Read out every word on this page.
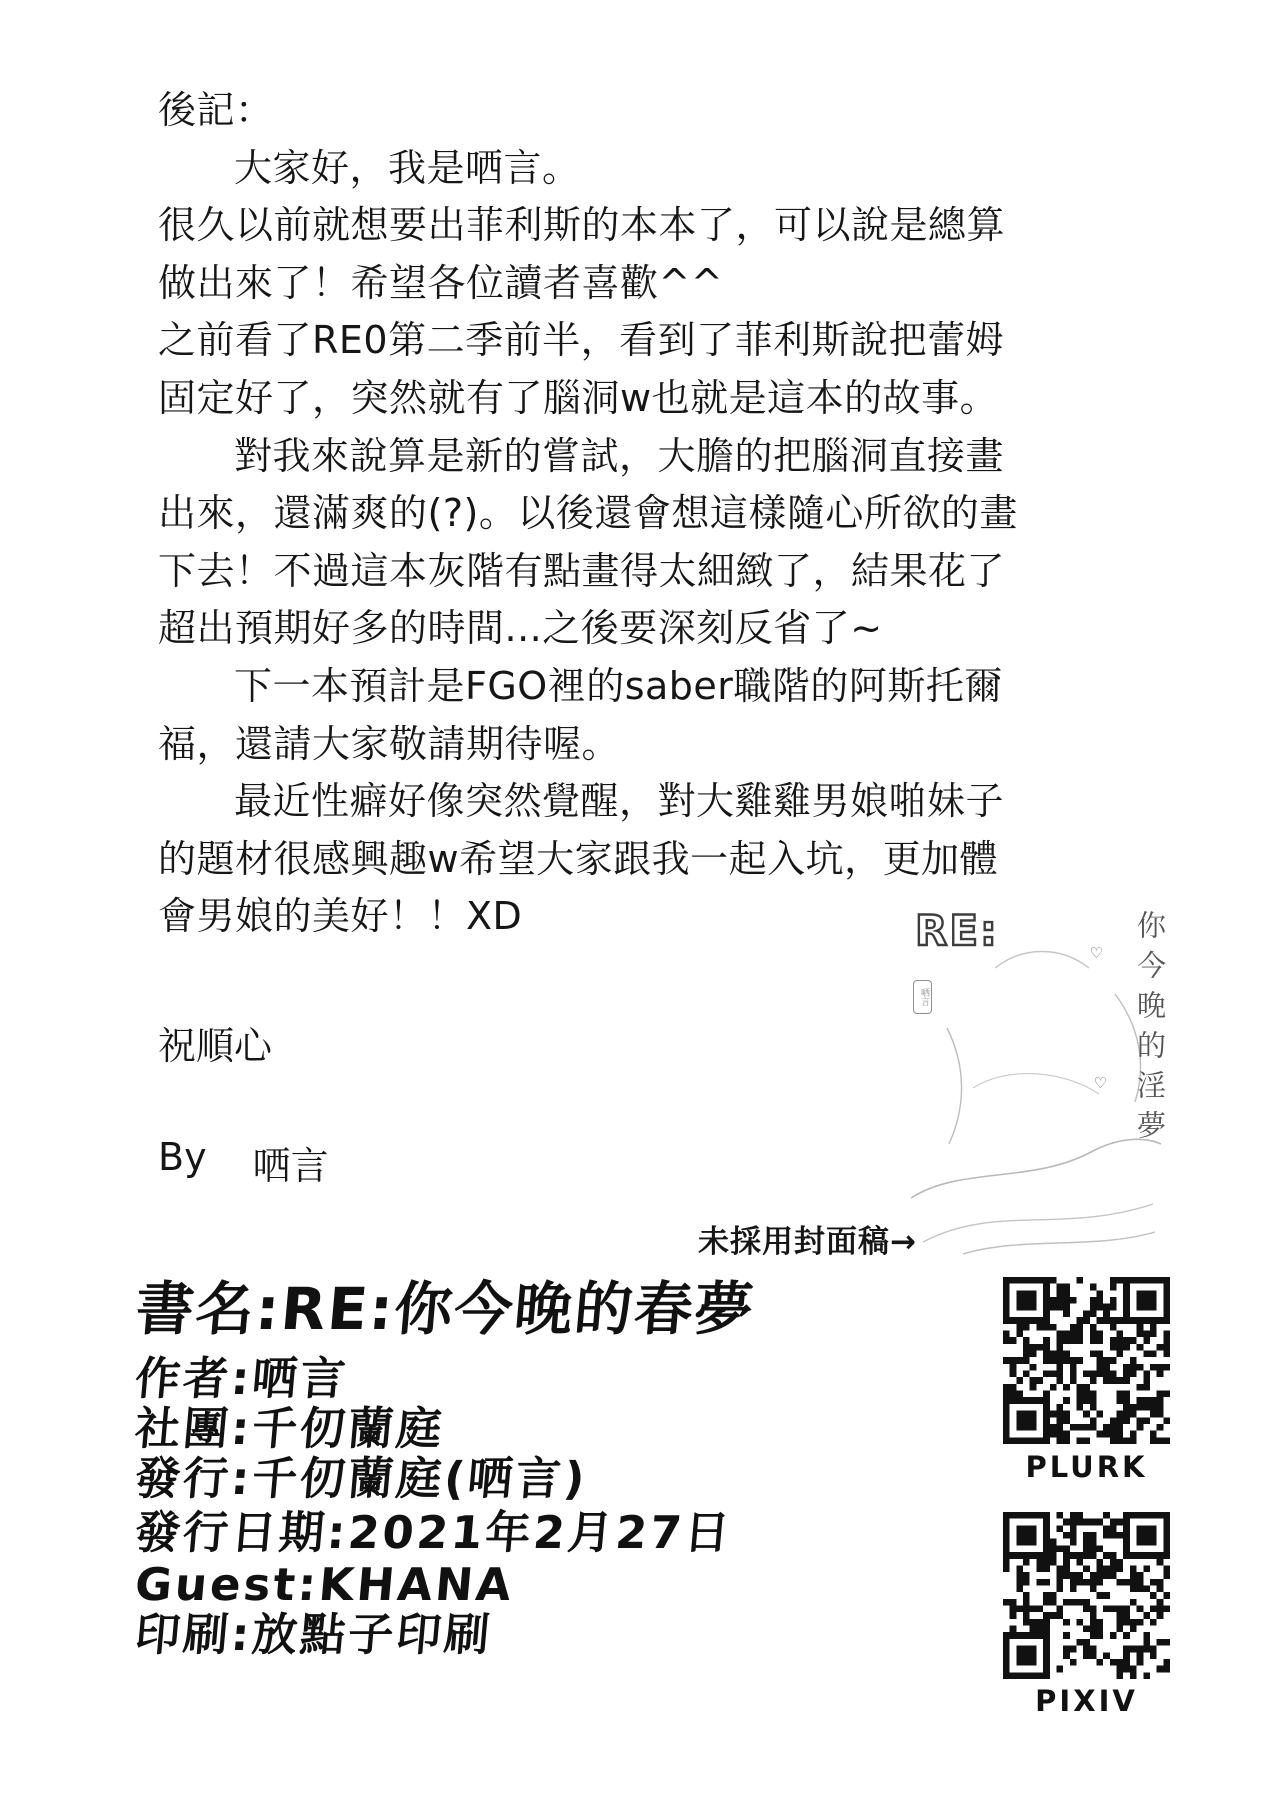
後記：
大家好，我是哂言。
很久以前就想要出菲利斯的本本了，可以說是總算
做出來了！希望各位讀者喜歡^^
之前看了RE0第二季前半，看到了菲利斯說把蕾姆
固定好了，突然就有了腦洞w也就是這本的故事。
對我來說算是新的嘗試，大膽的把腦洞直接畫
出來，還滿爽的(?)。以後還會想這樣隨心所欲的畫
下去！不過這本灰階有點畫得太細緻了，結果花了
超出預期好多的時間...之後要深刻反省了~
下一本預計是FGO裡的saber職階的阿斯托爾
福，還請大家敬請期待喔。
最近性癖好像突然覺醒，對大雞雞男娘啪妹子
的題材很感興趣w希望大家跟我一起入坑，更加體
會男娘的美好！！XD
祝順心
By 哂言
未採用封面稿→
RE:	你今晚的淫夢
♡
♡
哂言
書名:RE:你今晚的春夢
作者:哂言
社團:千仞蘭庭
發行:千仞蘭庭(哂言)
發行日期:2021年2月27日
Guest:KHANA
印刷:放點子印刷
PLURK
PIXIV
